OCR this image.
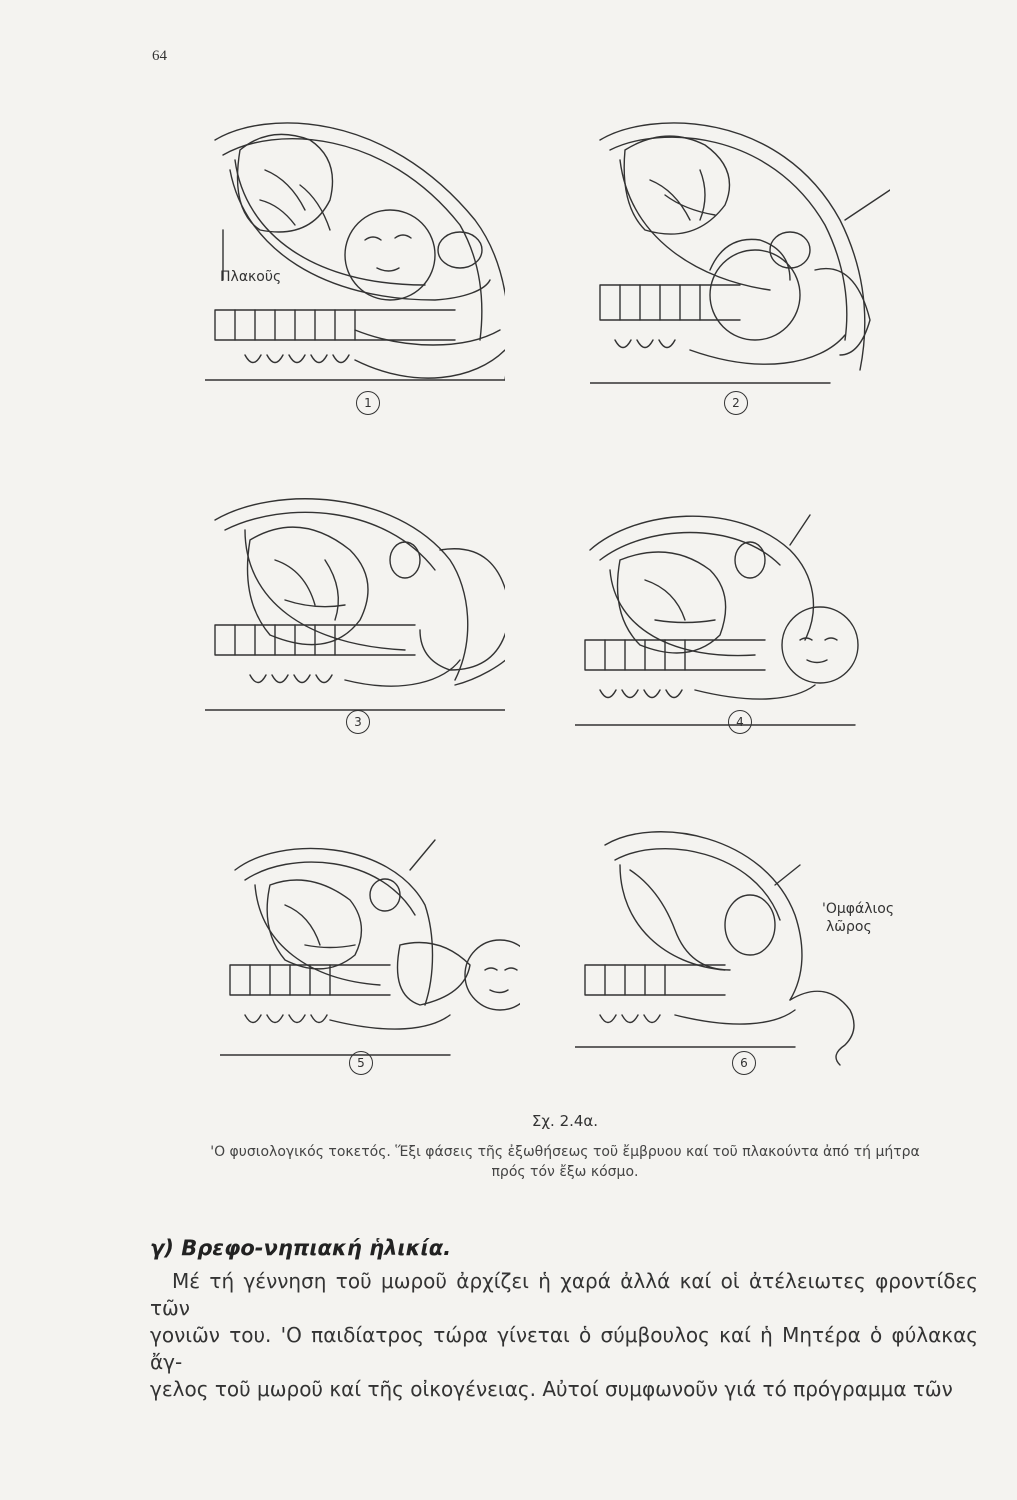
64
Πλακοῦς
1	2
3	4
5
'Ομφάλιος
λῶρος
6
Σχ. 2.4α.
'Ο φυσιολογικός τοκετός. Ἕξι φάσεις τῆς ἐξωθήσεως τοῦ ἔμβρυου καί τοῦ πλακούντα ἀπό τή μήτρα
πρός τόν ἔξω κόσμο.
γ) Βρεφο-νηπιακή ἡλικία.
Μέ τή γέννηση τοῦ μωροῦ ἀρχίζει ἡ χαρά ἀλλά καί οἱ ἀτέλειωτες φροντίδες τῶν
γονιῶν του. 'Ο παιδίατρος τώρα γίνεται ὁ σύμβουλος καί ἡ Μητέρα ὁ φύλακας ἄγ-
γελος τοῦ μωροῦ καί τῆς οἰκογένειας. Αὐτοί συμφωνοῦν γιά τό πρόγραμμα τῶν
